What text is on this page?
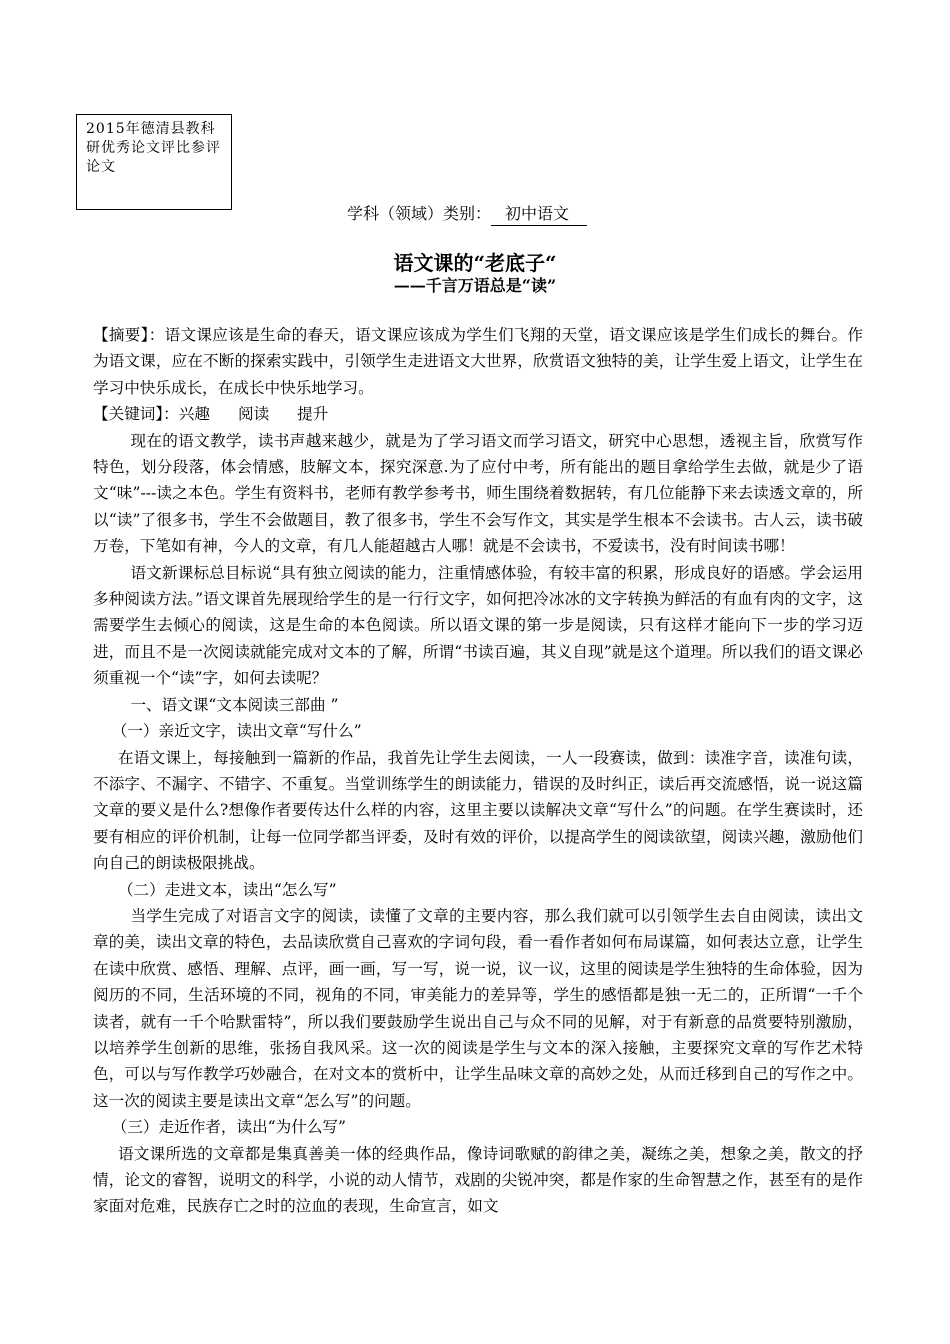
2015年德清县教科研优秀论文评比参评论文
学科（领域）类别： 初中语文
语文课的“老底子“
——千言万语总是“读”

【摘要】：语文课应该是生命的春天，语文课应该成为学生们飞翔的天堂，语文课应该是学生们成长的舞台。作为语文课，应在不断的探索实践中，引领学生走进语文大世界，欣赏语文独特的美，让学生爱上语文，让学生在学习中快乐成长，在成长中快乐地学习。

【关键词】：兴趣 阅读 提升

现在的语文教学，读书声越来越少，就是为了学习语文而学习语文，研究中心思想，透视主旨，欣赏写作特色，划分段落，体会情感，肢解文本，探究深意.为了应付中考，所有能出的题目拿给学生去做，就是少了语文“味”---读之本色。学生有资料书，老师有教学参考书，师生围绕着数据转，有几位能静下来去读透文章的，所以“读”了很多书，学生不会做题目，教了很多书，学生不会写作文，其实是学生根本不会读书。古人云，读书破万卷，下笔如有神，今人的文章，有几人能超越古人哪！就是不会读书，不爱读书，没有时间读书哪！

语文新课标总目标说“具有独立阅读的能力，注重情感体验，有较丰富的积累，形成良好的语感。学会运用多种阅读方法。”语文课首先展现给学生的是一行行文字，如何把冷冰冰的文字转换为鲜活的有血有肉的文字，这需要学生去倾心的阅读，这是生命的本色阅读。所以语文课的第一步是阅读，只有这样才能向下一步的学习迈进，而且不是一次阅读就能完成对文本的了解，所谓“书读百遍，其义自现”就是这个道理。所以我们的语文课必须重视一个“读”字，如何去读呢？

一、语文课“文本阅读三部曲 ”

（一）亲近文字，读出文章“写什么”

在语文课上，每接触到一篇新的作品，我首先让学生去阅读，一人一段赛读，做到：读准字音，读准句读，不添字、不漏字、不错字、不重复。当堂训练学生的朗读能力，错误的及时纠正，读后再交流感悟，说一说这篇文章的要义是什么?想像作者要传达什么样的内容，这里主要以读解决文章“写什么”的问题。在学生赛读时，还要有相应的评价机制，让每一位同学都当评委，及时有效的评价，以提高学生的阅读欲望，阅读兴趣，激励他们向自己的朗读极限挑战。

（二）走进文本，读出“怎么写”

当学生完成了对语言文字的阅读，读懂了文章的主要内容，那么我们就可以引领学生去自由阅读，读出文章的美，读出文章的特色，去品读欣赏自己喜欢的字词句段，看一看作者如何布局谋篇，如何表达立意，让学生在读中欣赏、感悟、理解、点评，画一画，写一写，说一说，议一议，这里的阅读是学生独特的生命体验，因为阅历的不同，生活环境的不同，视角的不同，审美能力的差异等，学生的感悟都是独一无二的，正所谓“一千个读者，就有一千个哈默雷特”，所以我们要鼓励学生说出自己与众不同的见解，对于有新意的品赏要特别激励，以培养学生创新的思维，张扬自我风采。这一次的阅读是学生与文本的深入接触，主要探究文章的写作艺术特色，可以与写作教学巧妙融合，在对文本的赏析中，让学生品味文章的高妙之处，从而迁移到自己的写作之中。这一次的阅读主要是读出文章“怎么写”的问题。

（三）走近作者，读出“为什么写”

语文课所选的文章都是集真善美一体的经典作品，像诗词歌赋的韵律之美，凝练之美，想象之美，散文的抒情，论文的睿智，说明文的科学，小说的动人情节，戏剧的尖锐冲突，都是作家的生命智慧之作，甚至有的是作家面对危难，民族存亡之时的泣血的表现，生命宣言，如文
